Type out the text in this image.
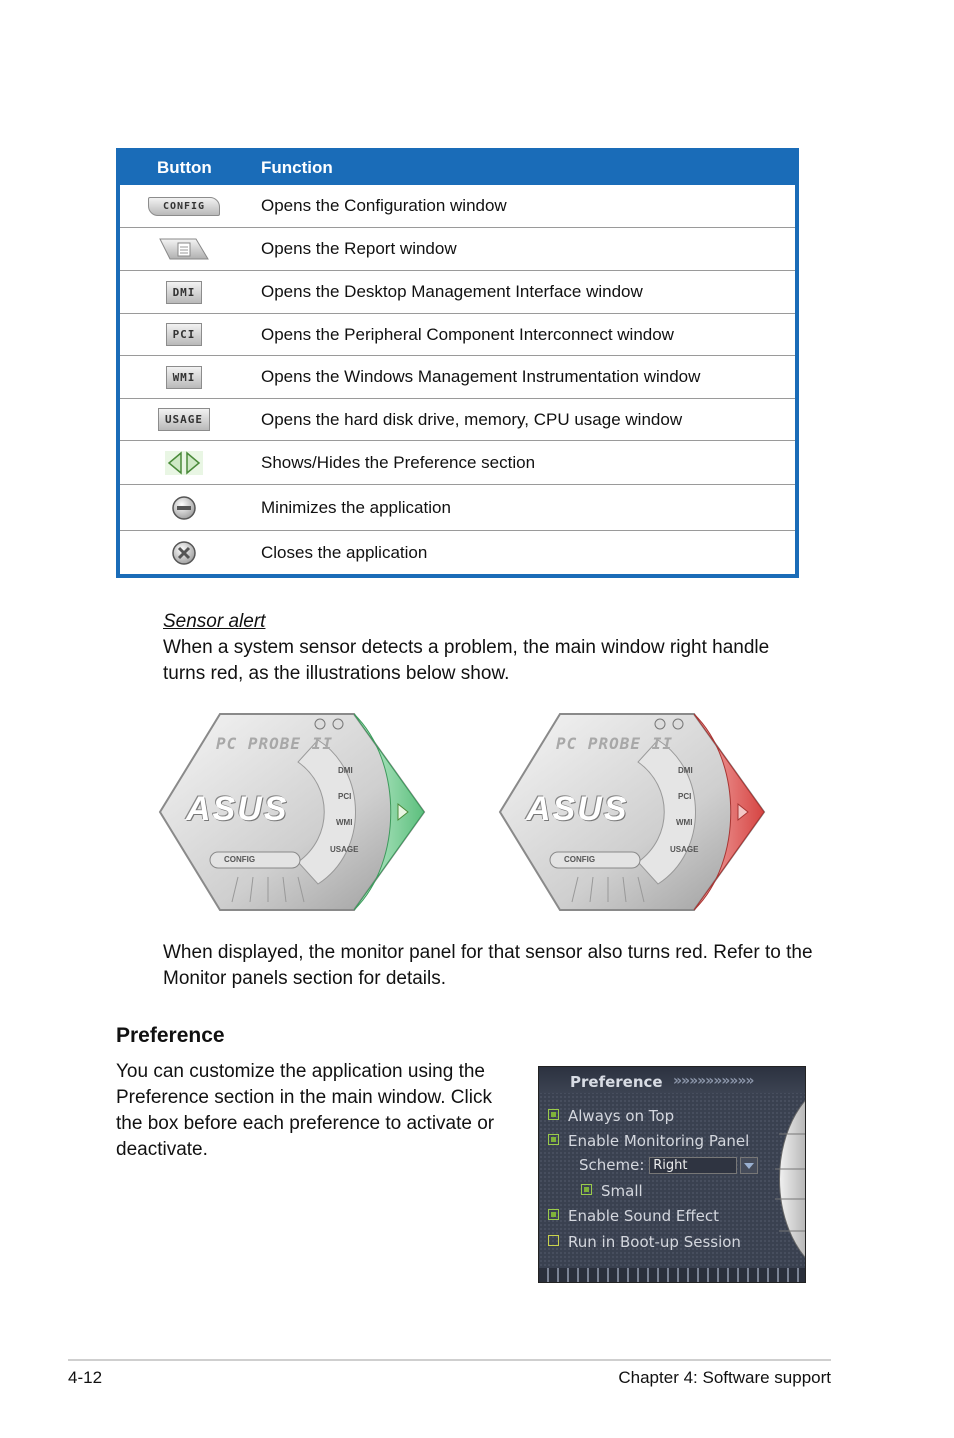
Button	Function
CONFIG	Opens the Configuration window
Opens the Report window
DMI	Opens the Desktop Management Interface window
PCI	Opens the Peripheral Component Interconnect window
WMI	Opens the Windows Management Instrumentation window
USAGE	Opens the hard disk drive, memory, CPU usage window
Shows/Hides the Preference section
Minimizes the application
Closes the application
Sensor alert
When a system sensor detects a problem, the main window right handle turns red, as the illustrations below show.
PC PROBE II
ASUS
DMI
PCI
WMI
USAGE
CONFIG
PC PROBE II
ASUS
DMI
PCI
WMI
USAGE
CONFIG
When displayed, the monitor panel for that sensor also turns red. Refer to the Monitor panels section for details.
Preference
You can customize the application using the Preference section in the main window. Click the box before each preference to activate or deactivate.
Preference »»»»»»»»»»
Always on Top
Enable Monitoring Panel
Scheme: Right
Small
Enable Sound Effect
Run in Boot-up Session
4-12	Chapter 4: Software support
